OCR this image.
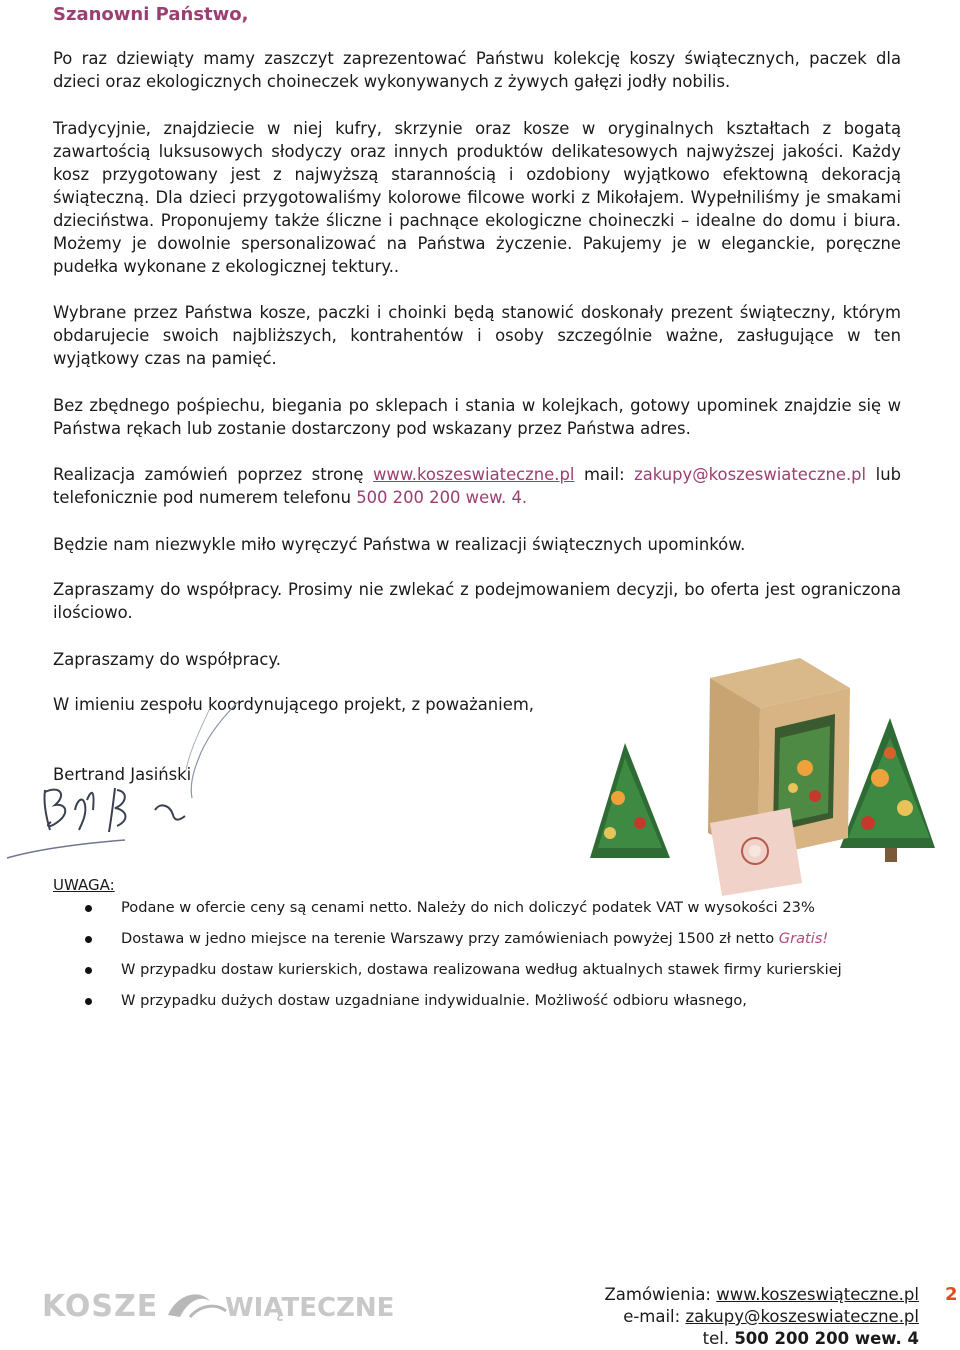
Szanowni Państwo,

Po raz dziewiąty mamy zaszczyt zaprezentować Państwu kolekcję koszy świątecznych, paczek dla dzieci oraz ekologicznych choineczek wykonywanych z żywych gałęzi jodły nobilis.

Tradycyjnie, znajdziecie w niej kufry, skrzynie oraz kosze w oryginalnych kształtach z bogatą zawartością luksusowych słodyczy oraz innych produktów delikatesowych najwyższej jakości. Każdy kosz przygotowany jest z najwyższą starannością i ozdobiony wyjątkowo efektowną dekoracją świąteczną. Dla dzieci przygotowaliśmy kolorowe filcowe worki z Mikołajem. Wypełniliśmy je smakami dzieciństwa. Proponujemy także śliczne i pachnące ekologiczne choineczki – idealne do domu i biura. Możemy je dowolnie spersonalizować na Państwa życzenie. Pakujemy je w eleganckie, poręczne pudełka wykonane z ekologicznej tektury..

Wybrane przez Państwa kosze, paczki i choinki będą stanowić doskonały prezent świąteczny, którym obdarujecie swoich najbliższych, kontrahentów i osoby szczególnie ważne, zasługujące w ten wyjątkowy czas na pamięć.

Bez zbędnego pośpiechu, biegania po sklepach i stania w kolejkach, gotowy upominek znajdzie się w Państwa rękach lub zostanie dostarczony pod wskazany przez Państwa adres.

Realizacja zamówień poprzez stronę www.koszeswiateczne.pl mail: zakupy@koszeswiateczne.pl lub telefonicznie pod numerem telefonu 500 200 200 wew. 4.

Będzie nam niezwykle miło wyręczyć Państwa w realizacji świątecznych upominków.

Zapraszamy do współpracy. Prosimy nie zwlekać z podejmowaniem decyzji, bo oferta jest ograniczona ilościowo.

Zapraszamy do współpracy.

W imieniu zespołu koordynującego projekt, z poważaniem,

Bertrand Jasiński

UWAGA:

Podane w ofercie ceny są cenami netto. Należy do nich doliczyć podatek VAT w wysokości 23%
Dostawa w jedno miejsce na terenie Warszawy przy zamówieniach powyżej 1500 zł netto Gratis!
W przypadku dostaw kurierskich, dostawa realizowana według aktualnych stawek firmy kurierskiej
W przypadku dużych dostaw uzgadniane indywidualnie. Możliwość odbioru własnego,
KOSZE	WIĄTECZNE	Zamówienia: www.koszeswiąteczne.pl
e-mail: zakupy@koszeswiateczne.pl
tel. 500 200 200 wew. 4
2
